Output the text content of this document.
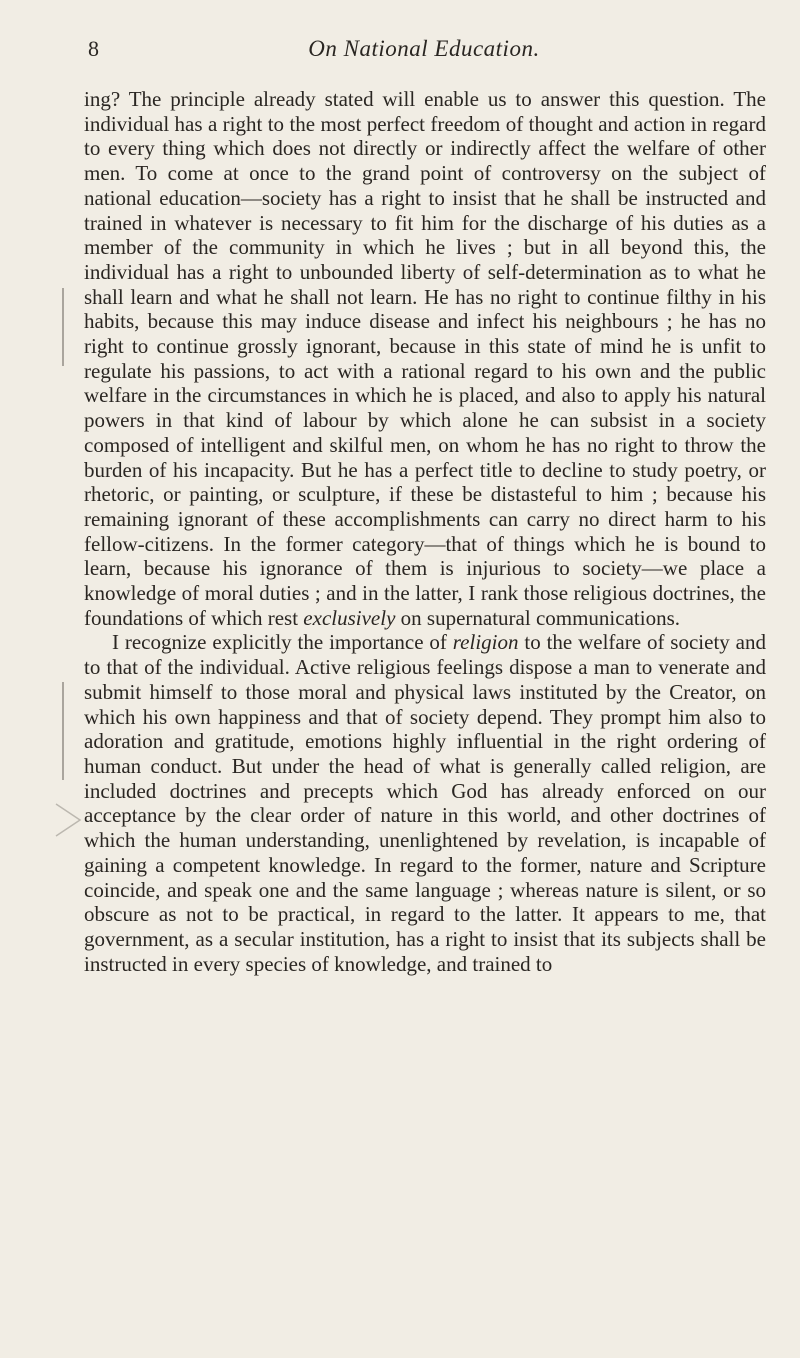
8	On National Education.

ing? The principle already stated will enable us to answer this question. The individual has a right to the most perfect freedom of thought and action in regard to every thing which does not directly or indirectly affect the welfare of other men. To come at once to the grand point of controversy on the subject of national education—society has a right to insist that he shall be instructed and trained in whatever is necessary to fit him for the discharge of his duties as a member of the community in which he lives ; but in all beyond this, the individual has a right to unbounded liberty of self-determination as to what he shall learn and what he shall not learn. He has no right to continue filthy in his habits, because this may induce disease and infect his neighbours ; he has no right to continue grossly ignorant, because in this state of mind he is unfit to regulate his passions, to act with a rational regard to his own and the public welfare in the circumstances in which he is placed, and also to apply his natural powers in that kind of labour by which alone he can subsist in a society composed of intelligent and skilful men, on whom he has no right to throw the burden of his incapacity. But he has a perfect title to decline to study poetry, or rhetoric, or painting, or sculpture, if these be distasteful to him ; because his remaining ignorant of these accomplishments can carry no direct harm to his fellow-citizens. In the former category—that of things which he is bound to learn, because his ignorance of them is injurious to society—we place a knowledge of moral duties ; and in the latter, I rank those religious doctrines, the foundations of which rest exclusively on supernatural communications.

I recognize explicitly the importance of religion to the welfare of society and to that of the individual. Active religious feelings dispose a man to venerate and submit himself to those moral and physical laws instituted by the Creator, on which his own happiness and that of society depend. They prompt him also to adoration and gratitude, emotions highly influential in the right ordering of human conduct. But under the head of what is generally called religion, are included doctrines and precepts which God has already enforced on our acceptance by the clear order of nature in this world, and other doctrines of which the human understanding, unenlightened by revelation, is incapable of gaining a competent knowledge. In regard to the former, nature and Scripture coincide, and speak one and the same language ; whereas nature is silent, or so obscure as not to be practical, in regard to the latter. It appears to me, that government, as a secular institution, has a right to insist that its subjects shall be instructed in every species of knowledge, and trained to
